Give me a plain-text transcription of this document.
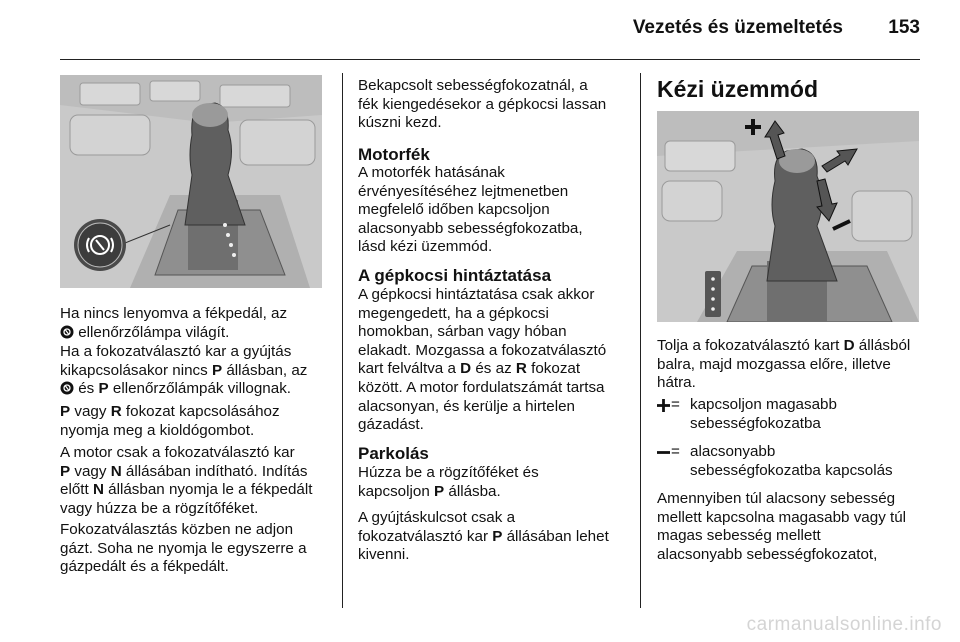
Vezetés és üzemeltetés 153
Ha nincs lenyomva a fékpedál, az
ellenőrzőlámpa világít.
Ha a fokozatválasztó kar a gyújtás
kikapcsolásakor nincs P állásban, az
és P ellenőrzőlámpák villognak.
P vagy R fokozat kapcsolásához
nyomja meg a kioldógombot.
A motor csak a fokozatválasztó kar
P vagy N állásában indítható. Indítás
előtt N állásban nyomja le a fékpedált
vagy húzza be a rögzítőféket.
Fokozatválasztás közben ne adjon
gázt. Soha ne nyomja le egyszerre a
gázpedált és a fékpedált.
Bekapcsolt sebességfokozatnál, a
fék kiengedésekor a gépkocsi lassan
kúszni kezd.
Motorfék
A motorfék hatásának
érvényesítéséhez lejtmenetben
megfelelő időben kapcsoljon
alacsonyabb sebességfokozatba,
lásd kézi üzemmód.
A gépkocsi hintáztatása
A gépkocsi hintáztatása csak akkor
megengedett, ha a gépkocsi
homokban, sárban vagy hóban
elakadt. Mozgassa a fokozatválasztó
kart felváltva a D és az R fokozat
között. A motor fordulatszámát tartsa
alacsonyan, és kerülje a hirtelen
gázadást.
Parkolás
Húzza be a rögzítőféket és
kapcsoljon P állásba.
A gyújtáskulcsot csak a
fokozatválasztó kar P állásában lehet
kivenni.
Kézi üzemmód
Tolja a fokozatválasztó kart D állásból
balra, majd mozgassa előre, illetve
hátra.
= kapcsoljon magasabb
sebességfokozatba
= alacsonyabb
sebességfokozatba kapcsolás
Amennyiben túl alacsony sebesség
mellett kapcsolna magasabb vagy túl
magas sebesség mellett
alacsonyabb sebességfokozatot,
carmanualsonline.info
